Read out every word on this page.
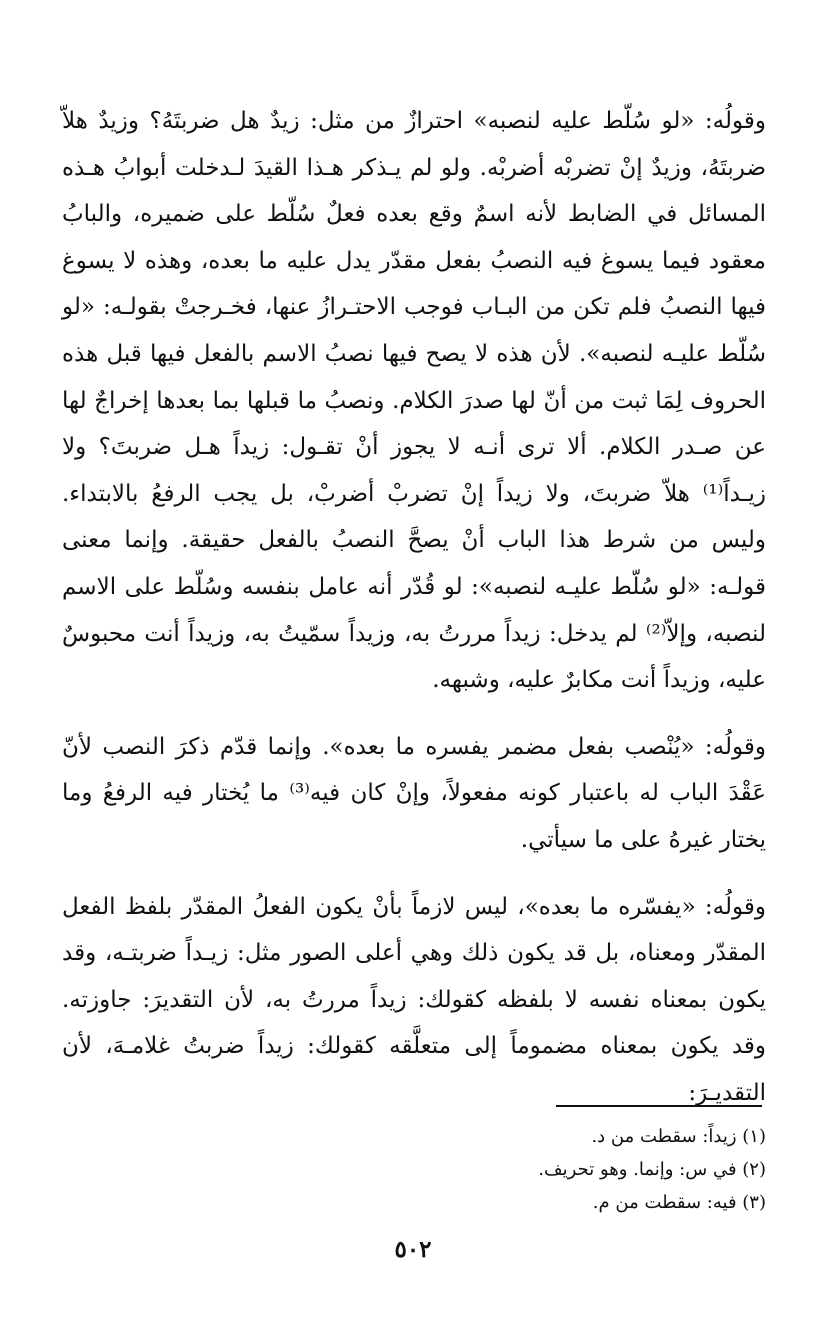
وقولُه: «لو سُلّط عليه لنصبه» احترازٌ من مثل: زيدٌ هل ضربتَهُ؟ وزيدٌ هلاّ ضربتَهُ، وزيدٌ إنْ تضربْه أضربْه. ولو لم يـذكر هـذا القيدَ لـدخلت أبوابُ هـذه المسائل في الضابط لأنه اسمٌ وقع بعده فعلٌ سُلّط على ضميره، والبابُ معقود فيما يسوغ فيه النصبُ بفعل مقدّر يدل عليه ما بعده، وهذه لا يسوغ فيها النصبُ فلم تكن من البـاب فوجب الاحتـرازُ عنها، فخـرجتْ بقولـه: «لو سُلّط عليـه لنصبه». لأن هذه لا يصح فيها نصبُ الاسم بالفعل فيها قبل هذه الحروف لِمَا ثبت من أنّ لها صدرَ الكلام. ونصبُ ما قبلها بما بعدها إخراجٌ لها عن صـدر الكلام. ألا ترى أنـه لا يجوز أنْ تقـول: زيداً هـل ضربتَ؟ ولا زيـداً⁽¹⁾ هلاّ ضربتَ، ولا زيداً إنْ تضربْ أضربْ، بل يجب الرفعُ بالابتداء. وليس من شرط هذا الباب أنْ يصحَّ النصبُ بالفعل حقيقة. وإنما معنى قولـه: «لو سُلّط عليـه لنصبه»: لو قُدّر أنه عامل بنفسه وسُلّط على الاسم لنصبه، وإلاّ⁽²⁾ لم يدخل: زيداً مررتُ به، وزيداً سمّيتُ به، وزيداً أنت محبوسٌ عليه، وزيداً أنت مكابرٌ عليه، وشبهه.

وقولُه: «يُنْصب بفعل مضمر يفسره ما بعده». وإنما قدّم ذكرَ النصب لأنّ عَقْدَ الباب له باعتبار كونه مفعولاً، وإنْ كان فيه⁽³⁾ ما يُختار فيه الرفعُ وما يختار غيرهُ على ما سيأتي.

وقولُه: «يفسّره ما بعده»، ليس لازماً بأنْ يكون الفعلُ المقدّر بلفظ الفعل المقدّر ومعناه، بل قد يكون ذلك وهي أعلى الصور مثل: زيـداً ضربتـه، وقد يكون بمعناه نفسه لا بلفظه كقولك: زيداً مررتُ به، لأن التقديرَ: جاوزته. وقد يكون بمعناه مضموماً إلى متعلَّقه كقولك: زيداً ضربتُ غلامـهَ، لأن التقديـرَ:

(١) زيداً: سقطت من د.

(٢) في س: وإنما. وهو تحريف.

(٣) فيه: سقطت من م.

٥٠٢
